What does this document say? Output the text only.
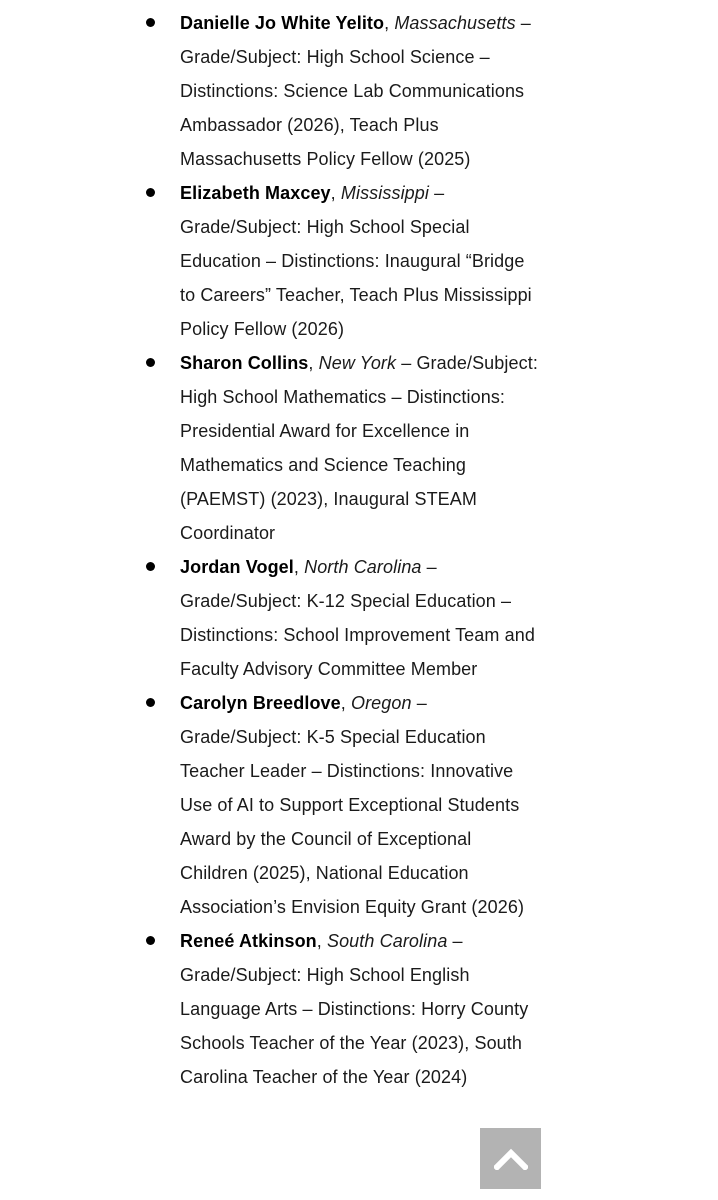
Danielle Jo White Yelito, Massachusetts – Grade/Subject: High School Science – Distinctions: Science Lab Communications Ambassador (2026), Teach Plus Massachusetts Policy Fellow (2025)
Elizabeth Maxcey, Mississippi – Grade/Subject: High School Special Education – Distinctions: Inaugural “Bridge to Careers” Teacher, Teach Plus Mississippi Policy Fellow (2026)
Sharon Collins, New York – Grade/Subject: High School Mathematics – Distinctions: Presidential Award for Excellence in Mathematics and Science Teaching (PAEMST) (2023), Inaugural STEAM Coordinator
Jordan Vogel, North Carolina – Grade/Subject: K-12 Special Education – Distinctions: School Improvement Team and Faculty Advisory Committee Member
Carolyn Breedlove, Oregon – Grade/Subject: K-5 Special Education Teacher Leader – Distinctions: Innovative Use of AI to Support Exceptional Students Award by the Council of Exceptional Children (2025), National Education Association’s Envision Equity Grant (2026)
Reneé Atkinson, South Carolina – Grade/Subject: High School English Language Arts – Distinctions: Horry County Schools Teacher of the Year (2023), South Carolina Teacher of the Year (2024)
